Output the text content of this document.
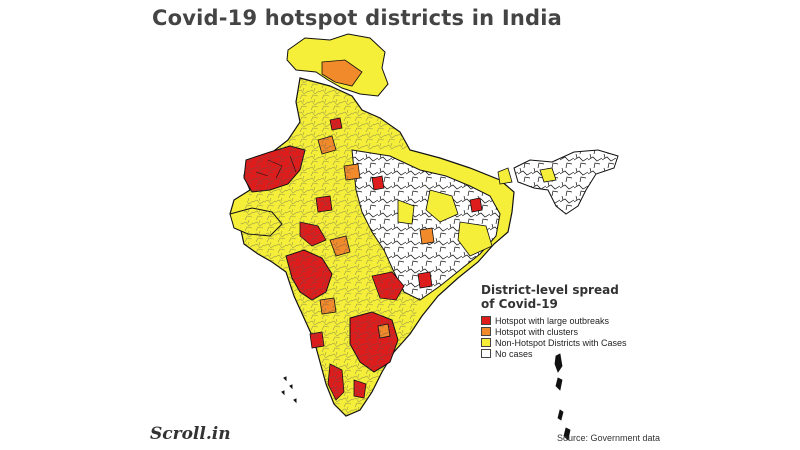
Covid-19 hotspot districts in India
District-level spread
of Covid-19
Hotspot with large outbreaks
Hotspot with clusters
Non-Hotspot Districts with Cases
No cases
Scroll.in	Source: Government data
